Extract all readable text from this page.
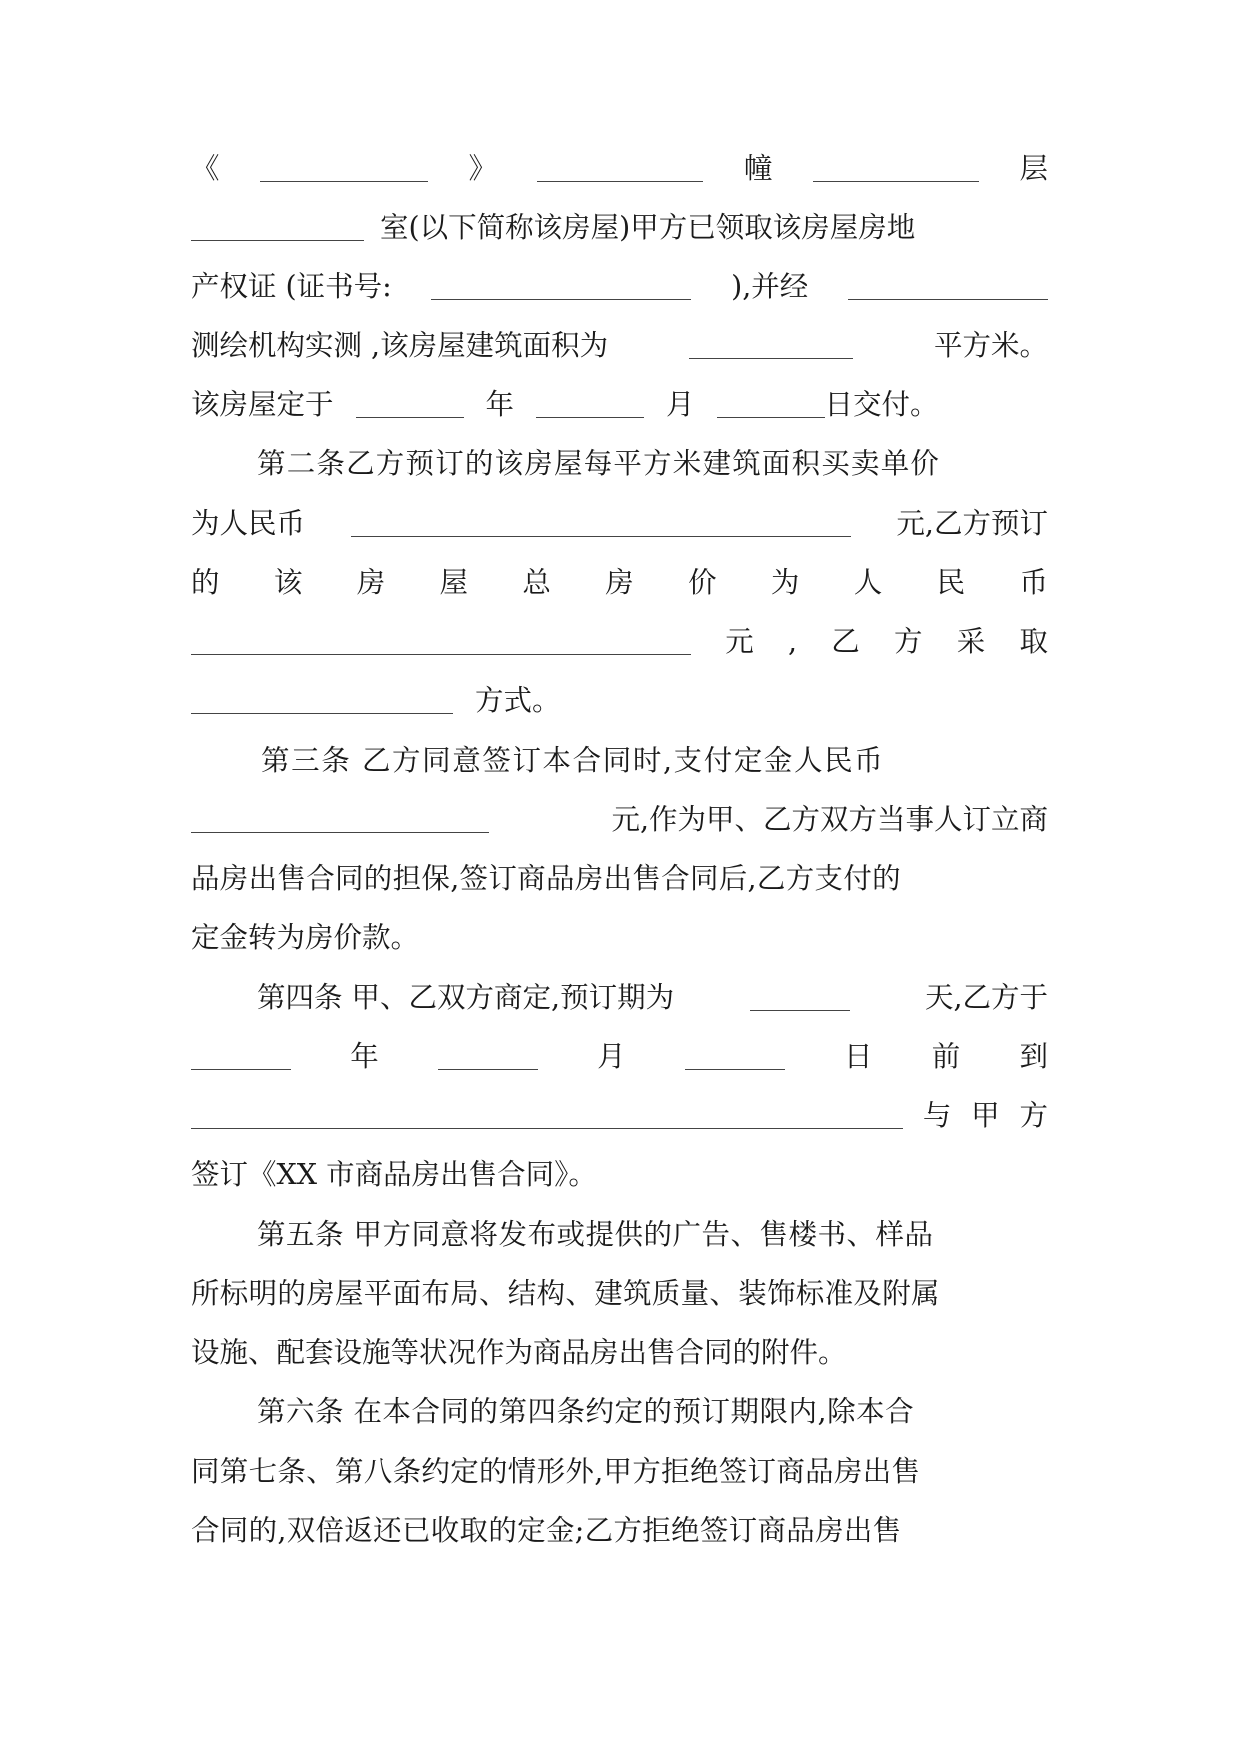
《	》	幢	层
室(以下简称该房屋)甲方已领取该房屋房地
产权证 (证书号:	),并经
测绘机构实测 ,该房屋建筑面积为	平方米。
该房屋定于	年	月	日交付。
第二条乙方预订的该房屋每平方米建筑面积买卖单价
为人民币	元,乙方预订
的 该 房 屋 总 房 价 为 人 民 币
元 , 乙 方 采 取
方式。
第三条 乙方同意签订本合同时,支付定金人民币
元,作为甲、乙方双方当事人订立商
品房出售合同的担保,签订商品房出售合同后,乙方支付的
定金转为房价款。
第四条 甲、乙双方商定,预订期为	天,乙方于
年	月	日 前 到
与 甲 方
签订《XX 市商品房出售合同》。
第五条 甲方同意将发布或提供的广告、售楼书、样品
所标明的房屋平面布局、结构、建筑质量、装饰标准及附属
设施、配套设施等状况作为商品房出售合同的附件。
第六条 在本合同的第四条约定的预订期限内,除本合
同第七条、第八条约定的情形外,甲方拒绝签订商品房出售
合同的,双倍返还已收取的定金;乙方拒绝签订商品房出售
